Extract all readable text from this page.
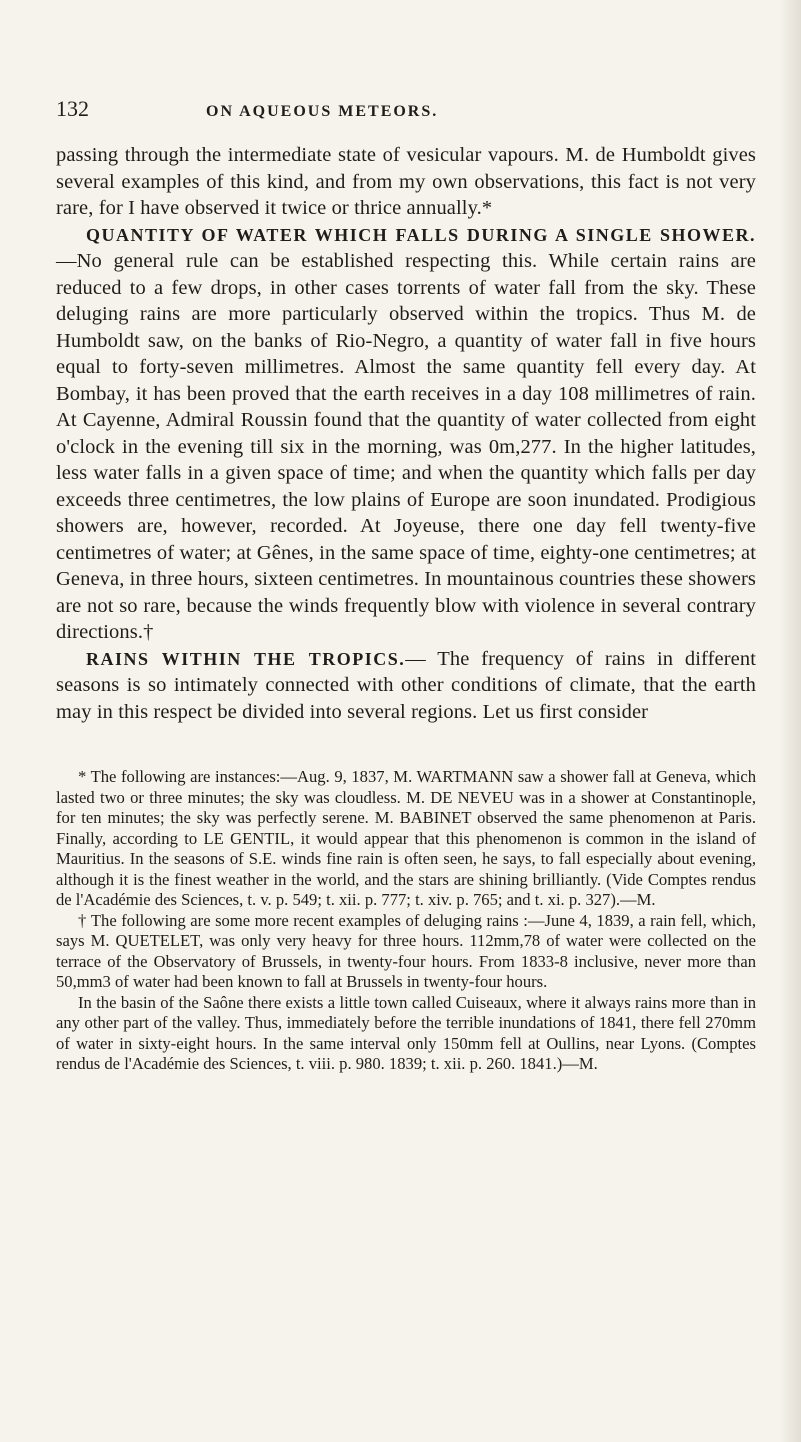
132	ON AQUEOUS METEORS.

passing through the intermediate state of vesicular vapours. M. de Humboldt gives several examples of this kind, and from my own observations, this fact is not very rare, for I have observed it twice or thrice annually.*

QUANTITY OF WATER WHICH FALLS DURING A SINGLE SHOWER.—No general rule can be established respecting this. While certain rains are reduced to a few drops, in other cases torrents of water fall from the sky. These deluging rains are more particularly observed within the tropics. Thus M. de Humboldt saw, on the banks of Rio-Negro, a quantity of water fall in five hours equal to forty-seven millimetres. Almost the same quantity fell every day. At Bombay, it has been proved that the earth receives in a day 108 millimetres of rain. At Cayenne, Admiral Roussin found that the quantity of water collected from eight o'clock in the evening till six in the morning, was 0m,277. In the higher latitudes, less water falls in a given space of time; and when the quantity which falls per day exceeds three centimetres, the low plains of Europe are soon inundated. Prodigious showers are, however, recorded. At Joyeuse, there one day fell twenty-five centimetres of water; at Gênes, in the same space of time, eighty-one centimetres; at Geneva, in three hours, sixteen centimetres. In mountainous countries these showers are not so rare, because the winds frequently blow with violence in several contrary directions.†

RAINS WITHIN THE TROPICS.— The frequency of rains in different seasons is so intimately connected with other conditions of climate, that the earth may in this respect be divided into several regions. Let us first consider

* The following are instances:—Aug. 9, 1837, M. WARTMANN saw a shower fall at Geneva, which lasted two or three minutes; the sky was cloudless. M. DE NEVEU was in a shower at Constantinople, for ten minutes; the sky was perfectly serene. M. BABINET observed the same phenomenon at Paris. Finally, according to LE GENTIL, it would appear that this phenomenon is common in the island of Mauritius. In the seasons of S.E. winds fine rain is often seen, he says, to fall especially about evening, although it is the finest weather in the world, and the stars are shining brilliantly. (Vide Comptes rendus de l'Académie des Sciences, t. v. p. 549; t. xii. p. 777; t. xiv. p. 765; and t. xi. p. 327).—M.

† The following are some more recent examples of deluging rains :—June 4, 1839, a rain fell, which, says M. QUETELET, was only very heavy for three hours. 112mm,78 of water were collected on the terrace of the Observatory of Brussels, in twenty-four hours. From 1833-8 inclusive, never more than 50,mm3 of water had been known to fall at Brussels in twenty-four hours.

In the basin of the Saône there exists a little town called Cuiseaux, where it always rains more than in any other part of the valley. Thus, immediately before the terrible inundations of 1841, there fell 270mm of water in sixty-eight hours. In the same interval only 150mm fell at Oullins, near Lyons. (Comptes rendus de l'Académie des Sciences, t. viii. p. 980. 1839; t. xii. p. 260. 1841.)—M.
